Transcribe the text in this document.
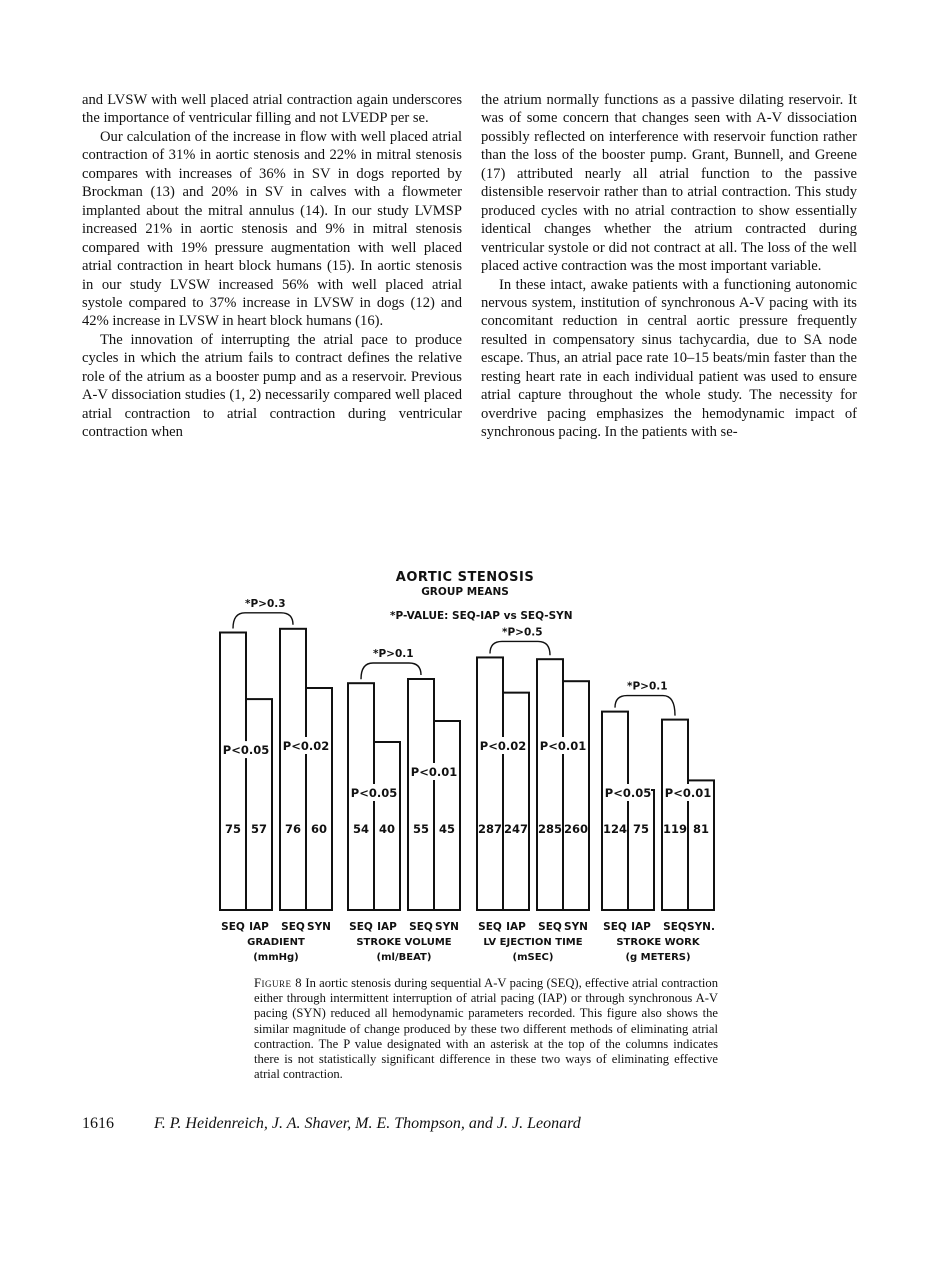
and LVSW with well placed atrial contraction again underscores the importance of ventricular filling and not LVEDP per se.

Our calculation of the increase in flow with well placed atrial contraction of 31% in aortic stenosis and 22% in mitral stenosis compares with increases of 36% in SV in dogs reported by Brockman (13) and 20% in SV in calves with a flowmeter implanted about the mitral annulus (14). In our study LVMSP increased 21% in aortic stenosis and 9% in mitral stenosis compared with 19% pressure augmentation with well placed atrial contraction in heart block humans (15). In aortic stenosis in our study LVSW increased 56% with well placed atrial systole compared to 37% increase in LVSW in dogs (12) and 42% increase in LVSW in heart block humans (16).

The innovation of interrupting the atrial pace to produce cycles in which the atrium fails to contract defines the relative role of the atrium as a booster pump and as a reservoir. Previous A-V dissociation studies (1, 2) necessarily compared well placed atrial contraction to atrial contraction during ventricular contraction when

the atrium normally functions as a passive dilating reservoir. It was of some concern that changes seen with A-V dissociation possibly reflected on interference with reservoir function rather than the loss of the booster pump. Grant, Bunnell, and Greene (17) attributed nearly all atrial function to the passive distensible reservoir rather than to atrial contraction. This study produced cycles with no atrial contraction to show essentially identical changes whether the atrium contracted during ventricular systole or did not contract at all. The loss of the well placed active contraction was the most important variable.

In these intact, awake patients with a functioning autonomic nervous system, institution of synchronous A-V pacing with its concomitant reduction in central aortic pressure frequently resulted in compensatory sinus tachycardia, due to SA node escape. Thus, an atrial pace rate 10–15 beats/min faster than the resting heart rate in each individual patient was used to ensure atrial capture throughout the whole study. The necessity for overdrive pacing emphasizes the hemodynamic impact of synchronous pacing. In the patients with se-

AORTIC STENOSIS
GROUP MEANS
*P-VALUE: SEQ-IAP vs SEQ-SYN
75
SEQ
57
IAP
P<0.05
76
SEQ
60
SYN
P<0.02
*P>0.3
GRADIENT
(mmHg)
54
SEQ
40
IAP
P<0.05
55
SEQ
45
SYN
P<0.01
*P>0.1
STROKE VOLUME
(ml/BEAT)
287
SEQ
247
IAP
P<0.02
285
SEQ
260
SYN
P<0.01
*P>0.5
LV EJECTION TIME
(mSEC)
124
SEQ
75
IAP
P<0.05
119
SEQ
81
SYN.
P<0.01
*P>0.1
STROKE WORK
(g METERS)
Figure 8 In aortic stenosis during sequential A-V pacing (SEQ), effective atrial contraction either through intermittent interruption of atrial pacing (IAP) or through synchronous A-V pacing (SYN) reduced all hemodynamic parameters recorded. This figure also shows the similar magnitude of change produced by these two different methods of eliminating atrial contraction. The P value designated with an asterisk at the top of the columns indicates there is not statistically significant difference in these two ways of eliminating effective atrial contraction.
1616	F. P. Heidenreich, J. A. Shaver, M. E. Thompson, and J. J. Leonard
